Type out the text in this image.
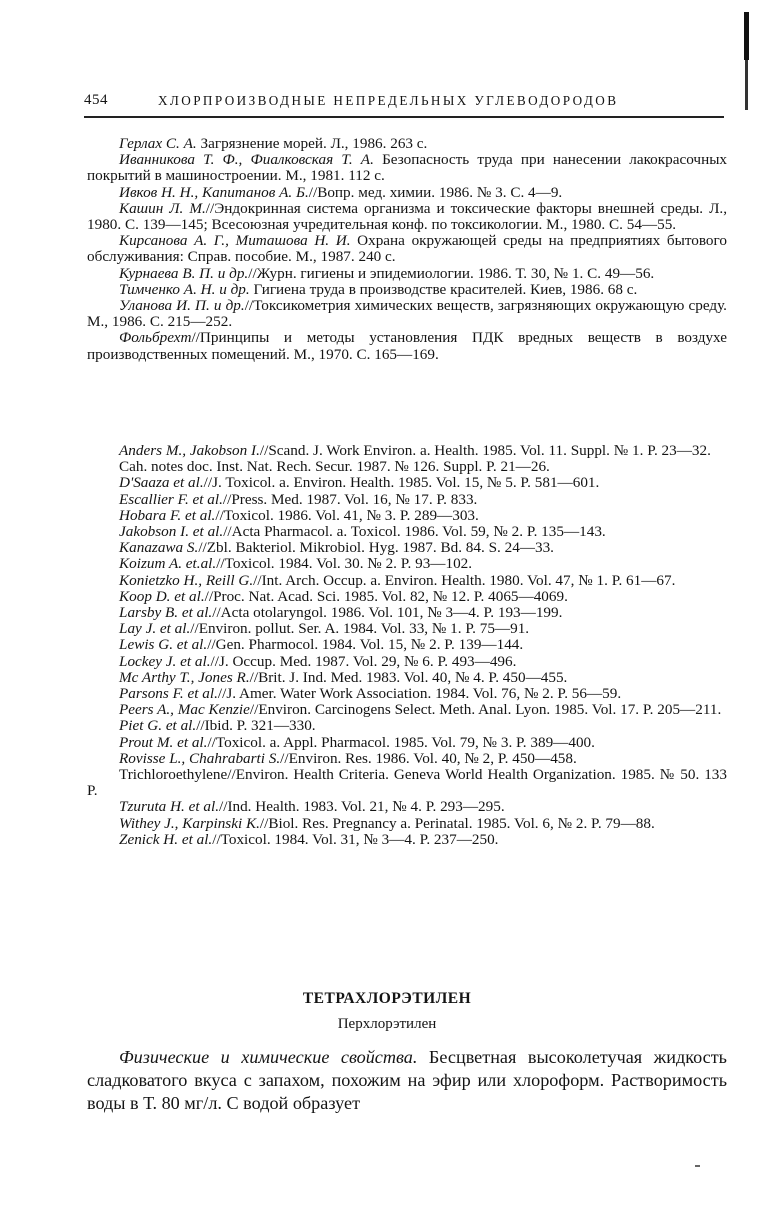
454	ХЛОРПРОИЗВОДНЫЕ НЕПРЕДЕЛЬНЫХ УГЛЕВОДОРОДОВ

Герлах С. А. Загрязнение морей. Л., 1986. 263 с.

Иванникова Т. Ф., Фиалковская Т. А. Безопасность труда при нанесении лакокрасочных покрытий в машиностроении. М., 1981. 112 с.

Ивков Н. Н., Капитанов А. Б.//Вопр. мед. химии. 1986. № 3. С. 4—9.

Кашин Л. М.//Эндокринная система организма и токсические факторы внешней среды. Л., 1980. С. 139—145; Всесоюзная учредительная конф. по токсикологии. М., 1980. С. 54—55.

Кирсанова А. Г., Миташова Н. И. Охрана окружающей среды на предприятиях бытового обслуживания: Справ. пособие. М., 1987. 240 с.

Курнаева В. П. и др.//Журн. гигиены и эпидемиологии. 1986. Т. 30, № 1. С. 49—56.

Тимченко А. Н. и др. Гигиена труда в производстве красителей. Киев, 1986. 68 с.

Уланова И. П. и др.//Токсикометрия химических веществ, загрязняющих окружающую среду. М., 1986. С. 215—252.

Фольбрехт//Принципы и методы установления ПДК вредных веществ в воздухе производственных помещений. М., 1970. С. 165—169.

Anders M., Jakobson I.//Scand. J. Work Environ. a. Health. 1985. Vol. 11. Suppl. № 1. P. 23—32.

Cah. notes doc. Inst. Nat. Rech. Secur. 1987. № 126. Suppl. P. 21—26.

D'Saaza et al.//J. Toxicol. a. Environ. Health. 1985. Vol. 15, № 5. P. 581—601.

Escallier F. et al.//Press. Med. 1987. Vol. 16, № 17. P. 833.

Hobara F. et al.//Toxicol. 1986. Vol. 41, № 3. P. 289—303.

Jakobson I. et al.//Acta Pharmacol. a. Toxicol. 1986. Vol. 59, № 2. P. 135—143.

Kanazawa S.//Zbl. Bakteriol. Mikrobiol. Hyg. 1987. Bd. 84. S. 24—33.

Koizum A. et.al.//Toxicol. 1984. Vol. 30. № 2. P. 93—102.

Konietzko H., Reill G.//Int. Arch. Occup. a. Environ. Health. 1980. Vol. 47, № 1. P. 61—67.

Koop D. et al.//Proc. Nat. Acad. Sci. 1985. Vol. 82, № 12. P. 4065—4069.

Larsby B. et al.//Acta otolaryngol. 1986. Vol. 101, № 3—4. P. 193—199.

Lay J. et al.//Environ. pollut. Ser. A. 1984. Vol. 33, № 1. P. 75—91.

Lewis G. et al.//Gen. Pharmocol. 1984. Vol. 15, № 2. P. 139—144.

Lockey J. et al.//J. Occup. Med. 1987. Vol. 29, № 6. P. 493—496.

Mc Arthy T., Jones R.//Brit. J. Ind. Med. 1983. Vol. 40, № 4. P. 450—455.

Parsons F. et al.//J. Amer. Water Work Association. 1984. Vol. 76, № 2. P. 56—59.

Peers A., Mac Kenzie//Environ. Carcinogens Select. Meth. Anal. Lyon. 1985. Vol. 17. P. 205—211.

Piet G. et al.//Ibid. P. 321—330.

Prout M. et al.//Toxicol. a. Appl. Pharmacol. 1985. Vol. 79, № 3. P. 389—400.

Rovisse L., Chahrabarti S.//Environ. Res. 1986. Vol. 40, № 2, P. 450—458.

Trichloroethylene//Environ. Health Criteria. Geneva World Health Organization. 1985. № 50. 133 P.

Tzuruta H. et al.//Ind. Health. 1983. Vol. 21, № 4. P. 293—295.

Withey J., Karpinski K.//Biol. Res. Pregnancy a. Perinatal. 1985. Vol. 6, № 2. P. 79—88.

Zenick H. et al.//Toxicol. 1984. Vol. 31, № 3—4. P. 237—250.

ТЕТРАХЛОРЭТИЛЕН
Перхлорэтилен

Физические и химические свойства. Бесцветная высоколетучая жидкость сладковатого вкуса с запахом, похожим на эфир или хлороформ. Растворимость воды в Т. 80 мг/л. С водой образует
